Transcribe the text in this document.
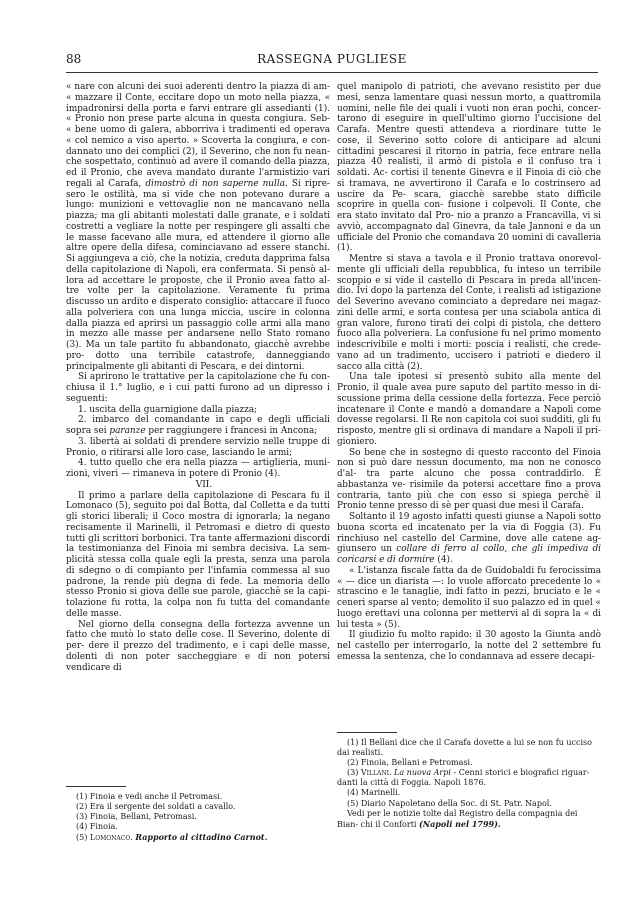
88	RASSEGNA PUGLIESE

« nare con alcuni dei suoi aderenti dentro la piazza di am- « mazzare il Conte, eccitare dopo un moto nella piazza, « impadronirsi della porta e farvi entrare gli assedianti (1). « Pronio non prese parte alcuna in questa congiura. Seb- « bene uomo di galera, abborriva i tradimenti ed operava « col nemico a viso aperto. » Scoverta la congiura, e con- dannato uno dei complici (2), il Severino, che non fu nean- che sospettato, continuò ad avere il comando della piazza, ed il Pronio, che aveva mandato durante l'armistizio vari regali al Carafa, dimostrò di non saperne nulla. Si ripre- sero le ostilità, ma si vide che non potevano durare a lungo: munizioni e vettovaglie non ne mancavano nella piazza; ma gli abitanti molestati dalle granate, e i soldati costretti a vegliare la notte per respingere gli assalti che le masse facevano alle mura, ed attendere il giorno alle altre opere della difesa, cominciavano ad essere stanchi. Si aggiungeva a ciò, che la notizia, creduta dapprima falsa della capitolazione di Napoli, era confermata. Si pensò al- lora ad accettare le proposte, che il Pronio avea fatto al- tre volte per la capitolazione. Veramente fu prima discusso un ardito e disperato consiglio: attaccare il fuoco alla polveriera con una lunga miccia, uscire in colonna dalla piazza ed aprirsi un passaggio colle armi alla mano in mezzo alle masse per andarsene nello Stato romano (3). Ma un tale partito fu abbandonato, giacchè avrebbe pro- dotto una terribile catastrofe, danneggiando principalmente gli abitanti di Pescara, e dei dintorni.

Si aprirono le trattative per la capitolazione che fu con- chiusa il 1.° luglio, e i cui patti furono ad un dipresso i seguenti:

1. uscita della guarnigione dalla piazza;

2. imbarco del comandante in capo e degli ufficiali sopra sei paranze per raggiungere i francesi in Ancona;

3. libertà ai soldati di prendere servizio nelle truppe di Pronio, o ritirarsi alle loro case, lasciando le armi;

4. tutto quello che era nella piazza — artiglieria, muni- zioni, viveri — rimaneva in potere di Pronio (4).

VII.

Il primo a parlare della capitolazione di Pescara fu il Lomonaco (5), seguito poi dal Botta, dal Colletta e da tutti gli storici liberali; il Coco mostra di ignorarla; la negano recisamente il Marinelli, il Petromasi e dietro di questo tutti gli scrittori borbonici. Tra tante affermazioni discordi la testimonianza del Finoia mi sembra decisiva. La sem- plicità stessa colla quale egli la presta, senza una parola di sdegno o di compianto per l'infamia commessa al suo padrone, la rende più degna di fede. La memoria dello stesso Pronio si giova delle sue parole, giacchè se la capi- tolazione fu rotta, la colpa non fu tutta del comandante delle masse.

Nel giorno della consegna della fortezza avvenne un fatto che mutò lo stato delle cose. Il Severino, dolente di per- dere il prezzo del tradimento, e i capi delle masse, dolenti di non poter saccheggiare e di non potersi vendicare di

quel manipolo di patrioti, che avevano resistito per due mesi, senza lamentare quasi nessun morto, a quattromila uomini, nelle file dei quali i vuoti non eran pochi, concer- tarono di eseguire in quell'ultimo giorno l'uccisione del Carafa. Mentre questi attendeva a riordinare tutte le cose, il Severino sotto colore di anticipare ad alcuni cittadini pescaresi il ritorno in patria, fece entrare nella piazza 40 realisti, il armò di pistola e il confuso tra i soldati. Ac- cortisi il tenente Ginevra e il Finoia di ciò che si tramava, ne avvertirono il Carafa e lo costrinsero ad uscire da Pe- scara, giacchè sarebbe stato difficile scoprire in quella con- fusione i colpevoli. Il Conte, che era stato invitato dal Pro- nio a pranzo a Francavilla, vi si avviò, accompagnato dal Ginevra, da tale Jannoni e da un ufficiale del Pronio che comandava 20 uomini di cavalleria (1).

Mentre si stava a tavola e il Pronio trattava onorevol- mente gli ufficiali della repubblica, fu inteso un terribile scoppio e si vide il castello di Pescara in preda all'incen- dio. Ivi dopo la partenza del Conte, i realisti ad istigazione del Severino avevano cominciato a depredare nei magaz- zini delle armi, e sorta contesa per una sciabola antica di gran valore, furono tirati dei colpi di pistola, che dettero fuoco alla polveriera. La confusione fu nel primo momento indescrivibile e molti i morti: poscia i realisti, che crede- vano ad un tradimento, uccisero i patrioti e diedero il sacco alla città (2).

Una tale ipotesi si presentò subito alla mente del Pronio, il quale avea pure saputo del partito messo in di- scussione prima della cessione della fortezza. Fece perciò incatenare il Conte e mandò a domandare a Napoli come dovesse regolarsi. Il Re non capitola coi suoi sudditi, gli fu risposto, mentre gli si ordinava di mandare a Napoli il pri- gioniero.

So bene che in sostegno di questo racconto del Finoia non si può dare nessun documento, ma non ne conosco d'al- tra parte alcuno che possa contraddirlo. È abbastanza ve- risimile da potersi accettare fino a prova contraria, tanto più che con esso si spiega perchè il Pronio tenne presso di sè per quasi due mesi il Carafa.

Soltanto il 19 agosto infatti questi giunse a Napoli sotto buona scorta ed incatenato per la via di Foggia (3). Fu rinchiuso nel castello del Carmine, dove alle catene ag- giunsero un collare di ferro al collo, che gli impediva di coricarsi e di dormire (4).

« L'istanza fiscale fatta da de Guidobaldi fu ferocissima « — dice un diarista —: lo vuole afforcato precedente lo « strascino e le tanaglie, indi fatto in pezzi, bruciato e le « ceneri sparse al vento; demolito il suo palazzo ed in quel « luogo erettavi una colonna per mettervi al di sopra la « di lui testa » (5).

Il giudizio fu molto rapido: il 30 agosto la Giunta andò nel castello per interrogarlo, la notte del 2 settembre fu emessa la sentenza, che lo condannava ad essere decapi-

(1) Finoia e vedi anche il Petromasi.

(2) Era il sergente dei soldati a cavallo.

(3) Finoia, Bellani, Petromasi.

(4) Finoia.

(5) Lomonaco. Rapporto al cittadino Carnot.

(1) Il Bellani dice che il Carafa dovette a lui se non fu ucciso dai realisti.

(2) Finoia, Bellani e Petromasi.

(3) Villani. La nuova Arpi - Cenni storici e biografici riguar- danti la città di Foggia. Napoli 1876.

(4) Marinelli.

(5) Diario Napoletano della Soc. di St. Patr. Napol.

Vedi per le notizie tolte dal Registro della compagnia dei Bian- chi il Conforti (Napoli nel 1799).
